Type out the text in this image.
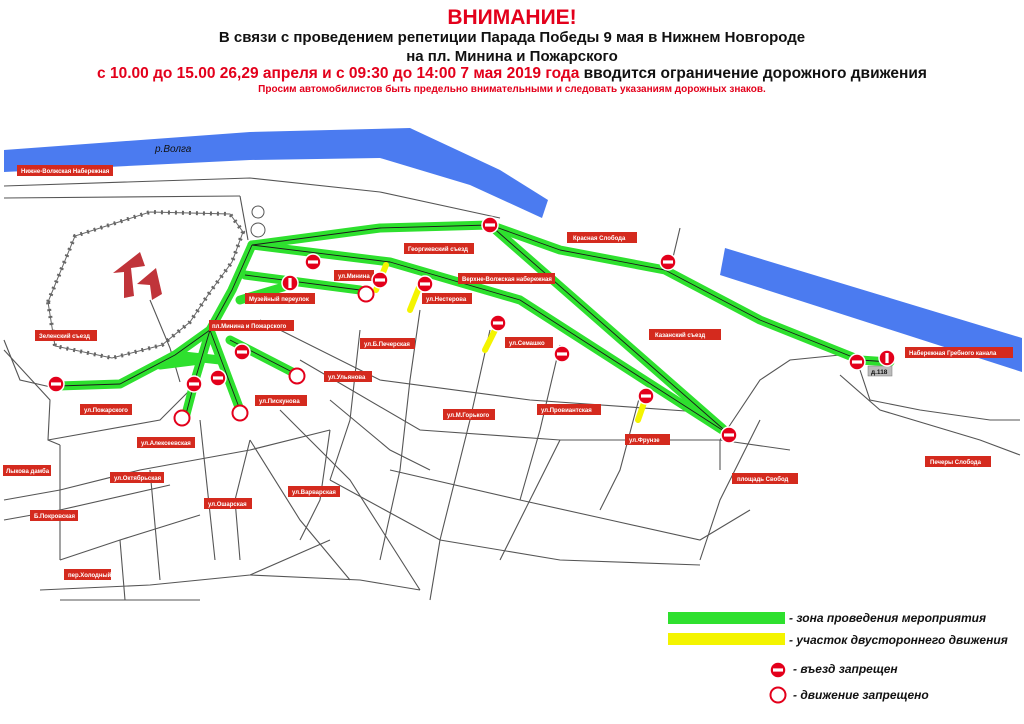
ВНИМАНИЕ!
В связи с проведением репетиции Парада Победы 9 мая в Нижнем Новгороде
на пл. Минина и Пожарского
с 10.00 до 15.00 26,29 апреля и с 09:30 до 14:00 7 мая 2019 года вводится ограничение дорожного движения
Просим автомобилистов быть предельно внимательными и следовать указаниям дорожных знаков.
р.Волга
Нижне-Волжская Набережная
Георгиевский съезд
Красная Слобода
Музейный переулок
ул.Минина	Верхне-Волжская набережная
ул.Нестерова
Зеленский съезд
пл.Минина и Пожарского
ул.Б.Печерская	ул.Семашко
Казанский съезд
Набережная Гребного канала
ул.Ульянова
ул.Пожарского
ул.Пискунова
ул.М.Горького
ул.Провиантская
ул.Фрунзе
ул.Алексеевская
ул.Октябрьская	площадь Свобод
Лыкова дамба
ул.Ошарская
ул.Варварская
Б.Покровская
пер.Холодный
Печеры Слобода
д.118
- зона проведения мероприятия
- участок двустороннего движения
- въезд запрещен
- движение запрещено
